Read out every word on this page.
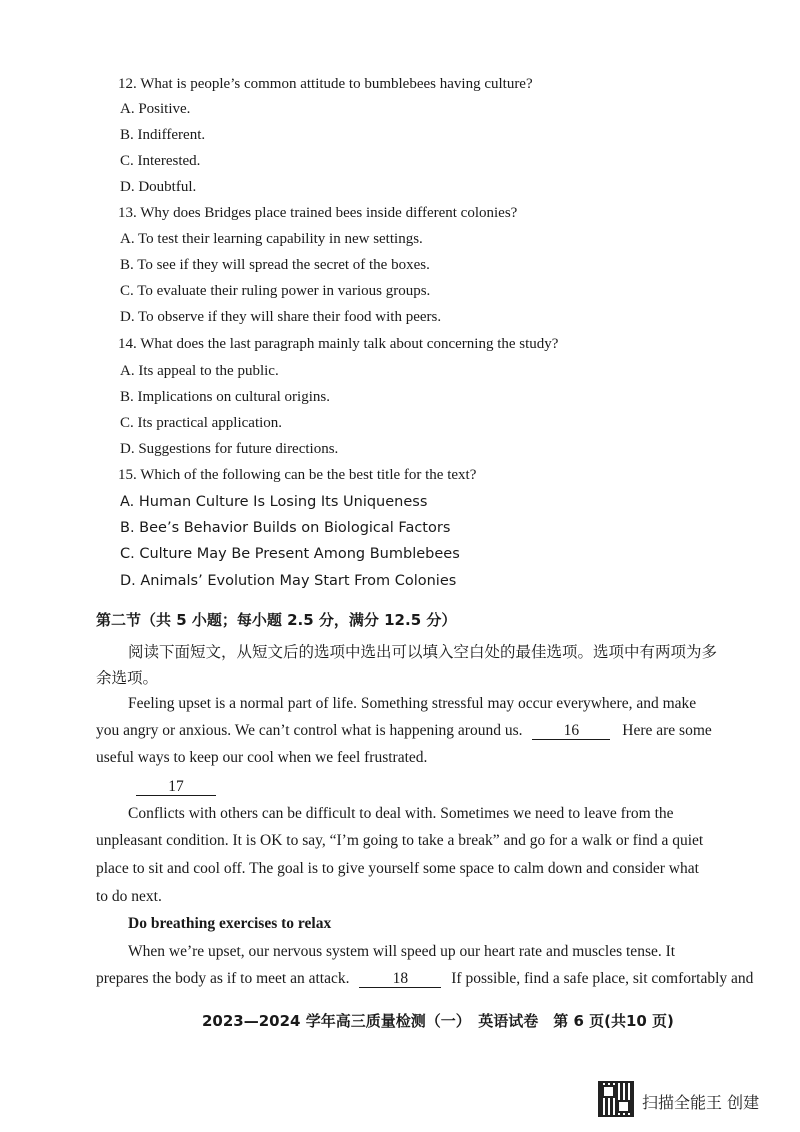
12. What is people’s common attitude to bumblebees having culture?
A. Positive.
B. Indifferent.
C. Interested.
D. Doubtful.
13. Why does Bridges place trained bees inside different colonies?
A. To test their learning capability in new settings.
B. To see if they will spread the secret of the boxes.
C. To evaluate their ruling power in various groups.
D. To observe if they will share their food with peers.
14. What does the last paragraph mainly talk about concerning the study?
A. Its appeal to the public.
B. Implications on cultural origins.
C. Its practical application.
D. Suggestions for future directions.
15. Which of the following can be the best title for the text?
A. Human Culture Is Losing Its Uniqueness
B. Bee’s Behavior Builds on Biological Factors
C. Culture May Be Present Among Bumblebees
D. Animals’ Evolution May Start From Colonies
第二节（共 5 小题；每小题 2.5 分，满分 12.5 分）
阅读下面短文，从短文后的选项中选出可以填入空白处的最佳选项。选项中有两项为多
余选项。
Feeling upset is a normal part of life. Something stressful may occur everywhere, and make
you angry or anxious. We can’t control what is happening around us.	16	Here are some
useful ways to keep our cool when we feel frustrated.
17
Conflicts with others can be difficult to deal with. Sometimes we need to leave from the
unpleasant condition. It is OK to say, “I’m going to take a break” and go for a walk or find a quiet
place to sit and cool off. The goal is to give yourself some space to calm down and consider what
to do next.
Do breathing exercises to relax
When we’re upset, our nervous system will speed up our heart rate and muscles tense. It
prepares the body as if to meet an attack.	18	If possible, find a safe place, sit comfortably and
2023—2024 学年高三质量检测（一）　英语试卷　第 6 页(共10 页)
扫描全能王 创建
